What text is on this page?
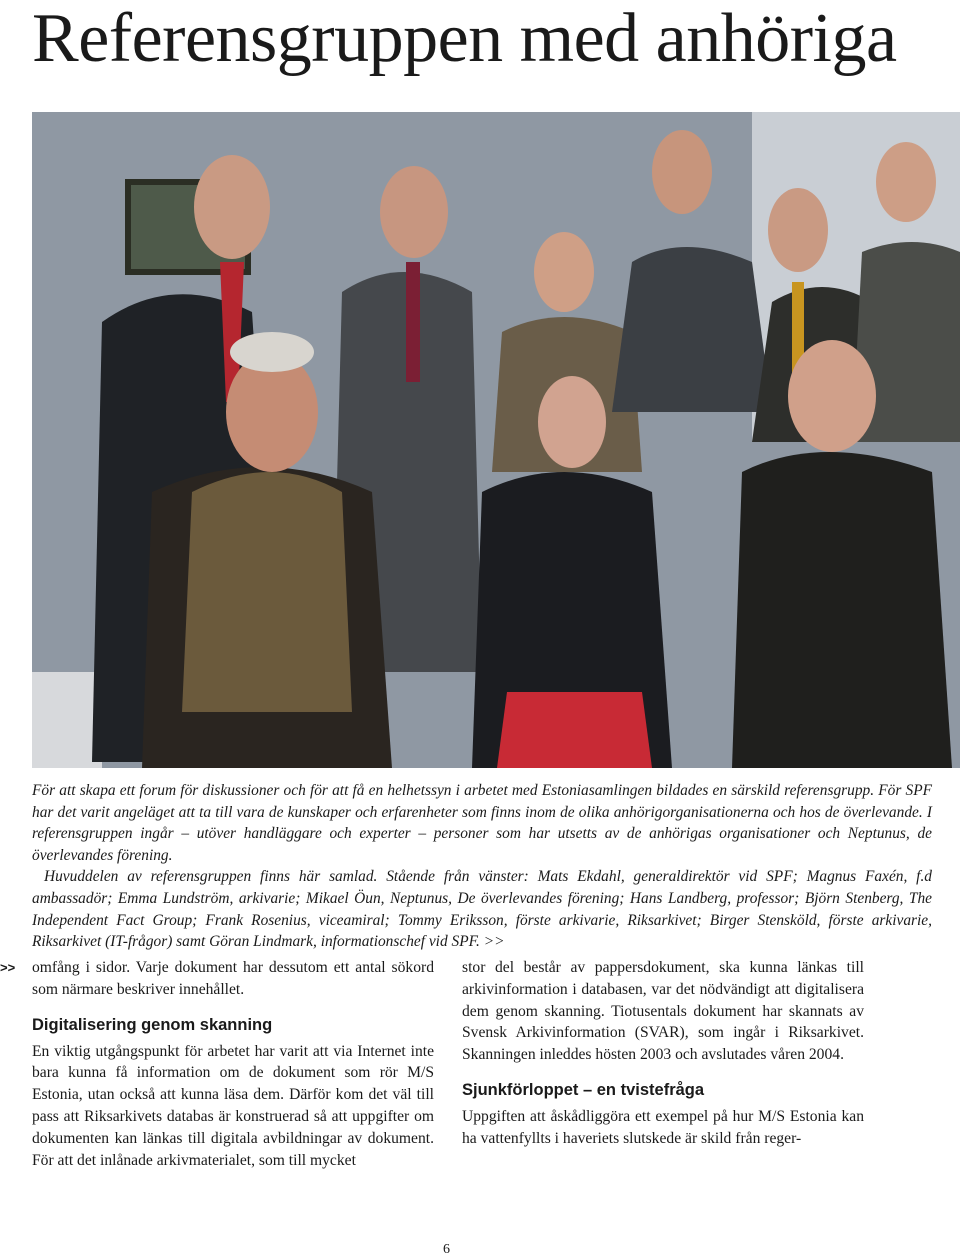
Referensgruppen med anhöriga

För att skapa ett forum för diskussioner och för att få en helhetssyn i arbetet med Estoniasamlingen bildades en särskild referensgrupp. För SPF har det varit angeläget att ta till vara de kunskaper och erfarenheter som finns inom de olika anhörigorganisationerna och hos de överlevande. I referensgruppen ingår – utöver handläggare och experter – personer som har utsetts av de anhörigas organisationer och Neptunus, de överlevandes förening.

Huvuddelen av referensgruppen finns här samlad. Stående från vänster: Mats Ekdahl, generaldirektör vid SPF; Magnus Faxén, f.d ambassadör; Emma Lundström, arkivarie; Mikael Öun, Neptunus, De överlevandes förening; Hans Landberg, professor; Björn Stenberg, The Independent Fact Group; Frank Rosenius, viceamiral; Tommy Eriksson, förste arkivarie, Riksarkivet; Birger Stensköld, förste arkivarie, Riksarkivet (IT-frågor) samt Göran Lindmark, informationschef vid SPF. >>

>> omfång i sidor. Varje dokument har dessutom ett antal sökord som närmare beskriver innehållet.

Digitalisering genom skanning

En viktig utgångspunkt för arbetet har varit att via Internet inte bara kunna få information om de dokument som rör M/S Estonia, utan också att kunna läsa dem. Därför kom det väl till pass att Riksarkivets databas är konstruerad så att uppgifter om dokumenten kan länkas till digitala avbildningar av dokument. För att det inlånade arkivmaterialet, som till mycket

stor del består av pappersdokument, ska kunna länkas till arkivinformation i databasen, var det nödvändigt att digitalisera dem genom skanning. Tiotusentals dokument har skannats av Svensk Arkivinformation (SVAR), som ingår i Riksarkivet. Skanningen inleddes hösten 2003 och avslutades våren 2004.

Sjunkförloppet – en tvistefråga

Uppgiften att åskådliggöra ett exempel på hur M/S Estonia kan ha vattenfyllts i haveriets slutskede är skild från reger-

6
